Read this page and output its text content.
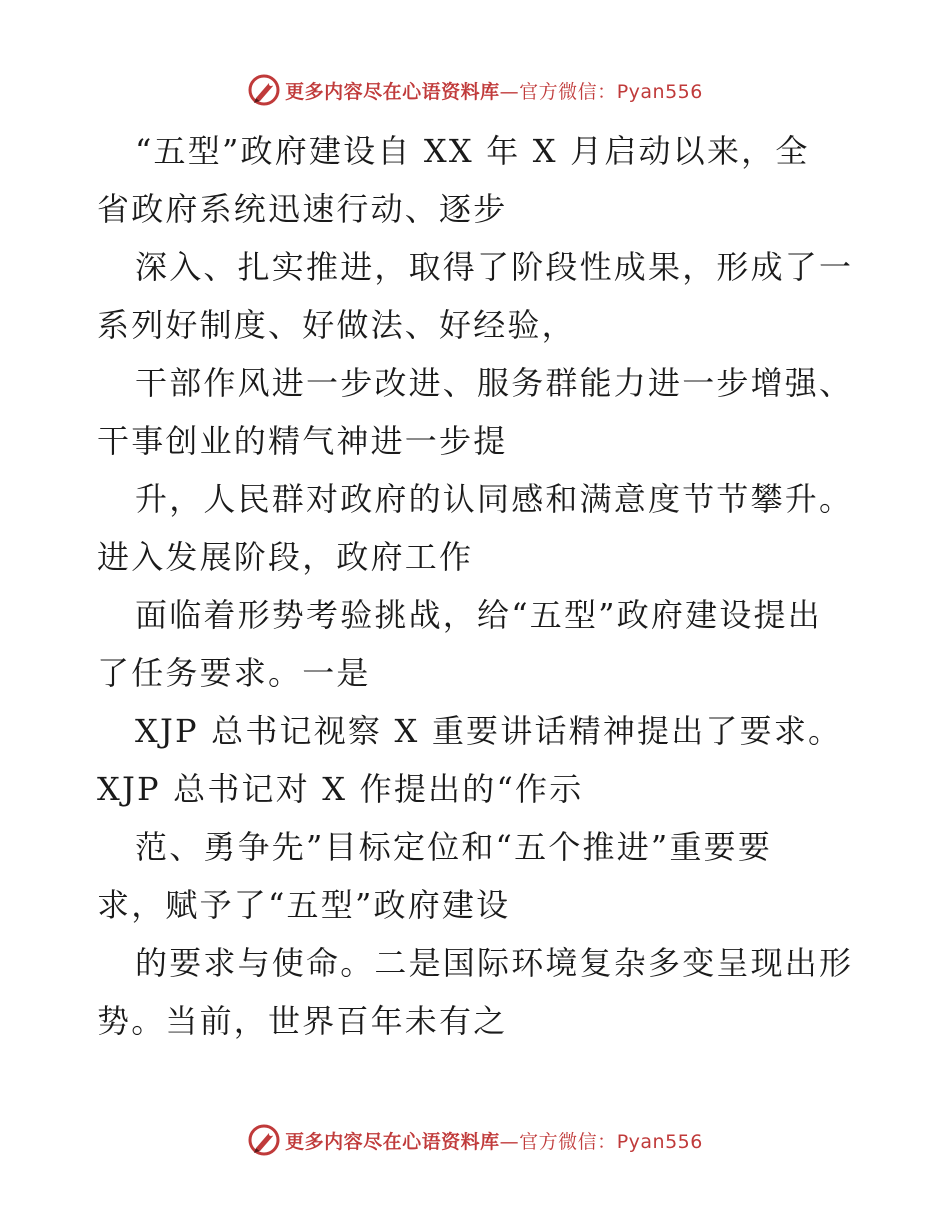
更多内容尽在心语资料库—官方微信：Pyan556
“五型”政府建设自 XX 年 X 月启动以来，全
省政府系统迅速行动、逐步
深入、扎实推进，取得了阶段性成果，形成了一
系列好制度、好做法、好经验，
干部作风进一步改进、服务群能力进一步增强、
干事创业的精气神进一步提
升，人民群对政府的认同感和满意度节节攀升。
进入发展阶段，政府工作
面临着形势考验挑战，给“五型”政府建设提出
了任务要求。一是
XJP 总书记视察 X 重要讲话精神提出了要求。
XJP 总书记对 X 作提出的“作示
范、勇争先”目标定位和“五个推进”重要要
求，赋予了“五型”政府建设
的要求与使命。二是国际环境复杂多变呈现出形
势。当前，世界百年未有之
更多内容尽在心语资料库—官方微信：Pyan556
